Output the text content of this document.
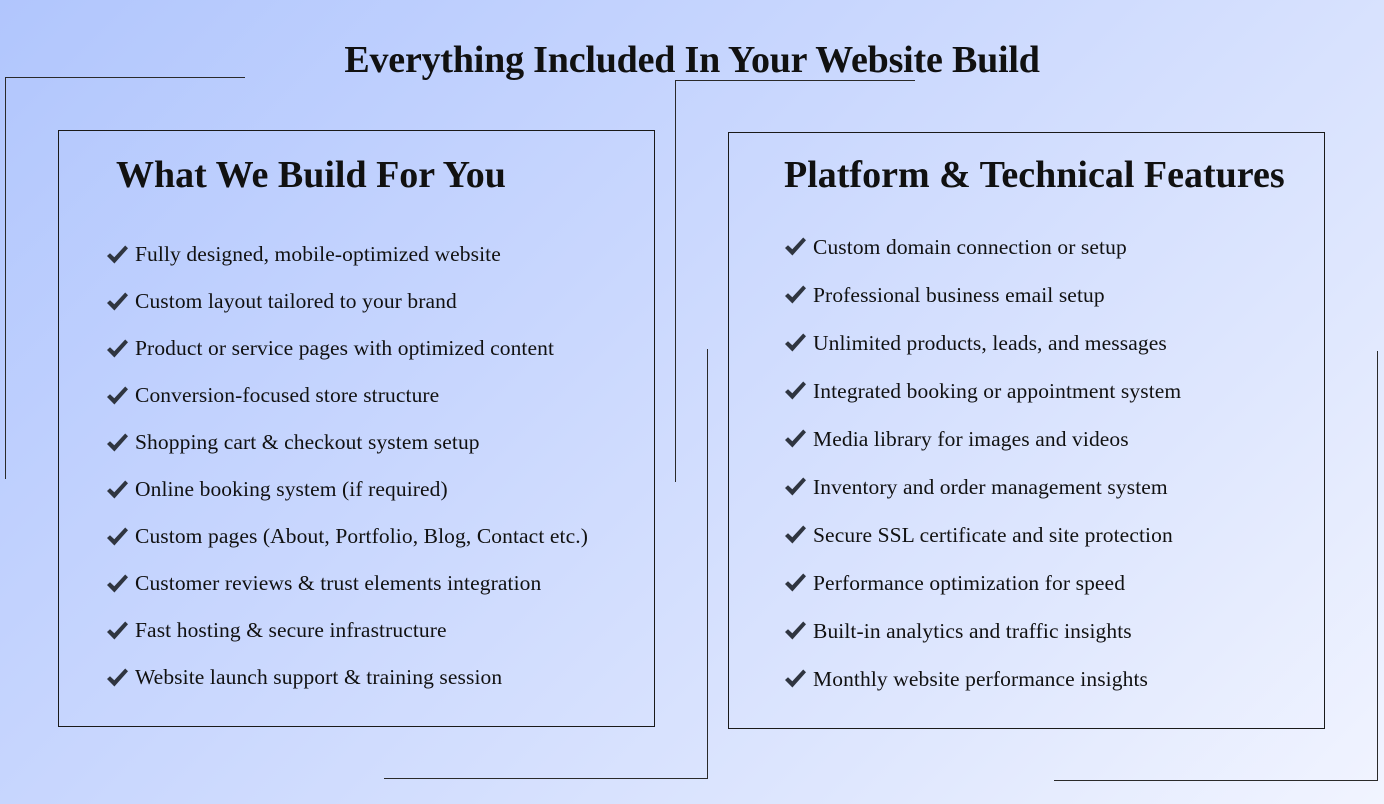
Everything Included In Your Website Build
What We Build For You
Fully designed, mobile-optimized website
Custom layout tailored to your brand
Product or service pages with optimized content
Conversion-focused store structure
Shopping cart & checkout system setup
Online booking system (if required)
Custom pages (About, Portfolio, Blog, Contact etc.)
Customer reviews & trust elements integration
Fast hosting & secure infrastructure
Website launch support & training session
Platform & Technical Features
Custom domain connection or setup
Professional business email setup
Unlimited products, leads, and messages
Integrated booking or appointment system
Media library for images and videos
Inventory and order management system
Secure SSL certificate and site protection
Performance optimization for speed
Built-in analytics and traffic insights
Monthly website performance insights
